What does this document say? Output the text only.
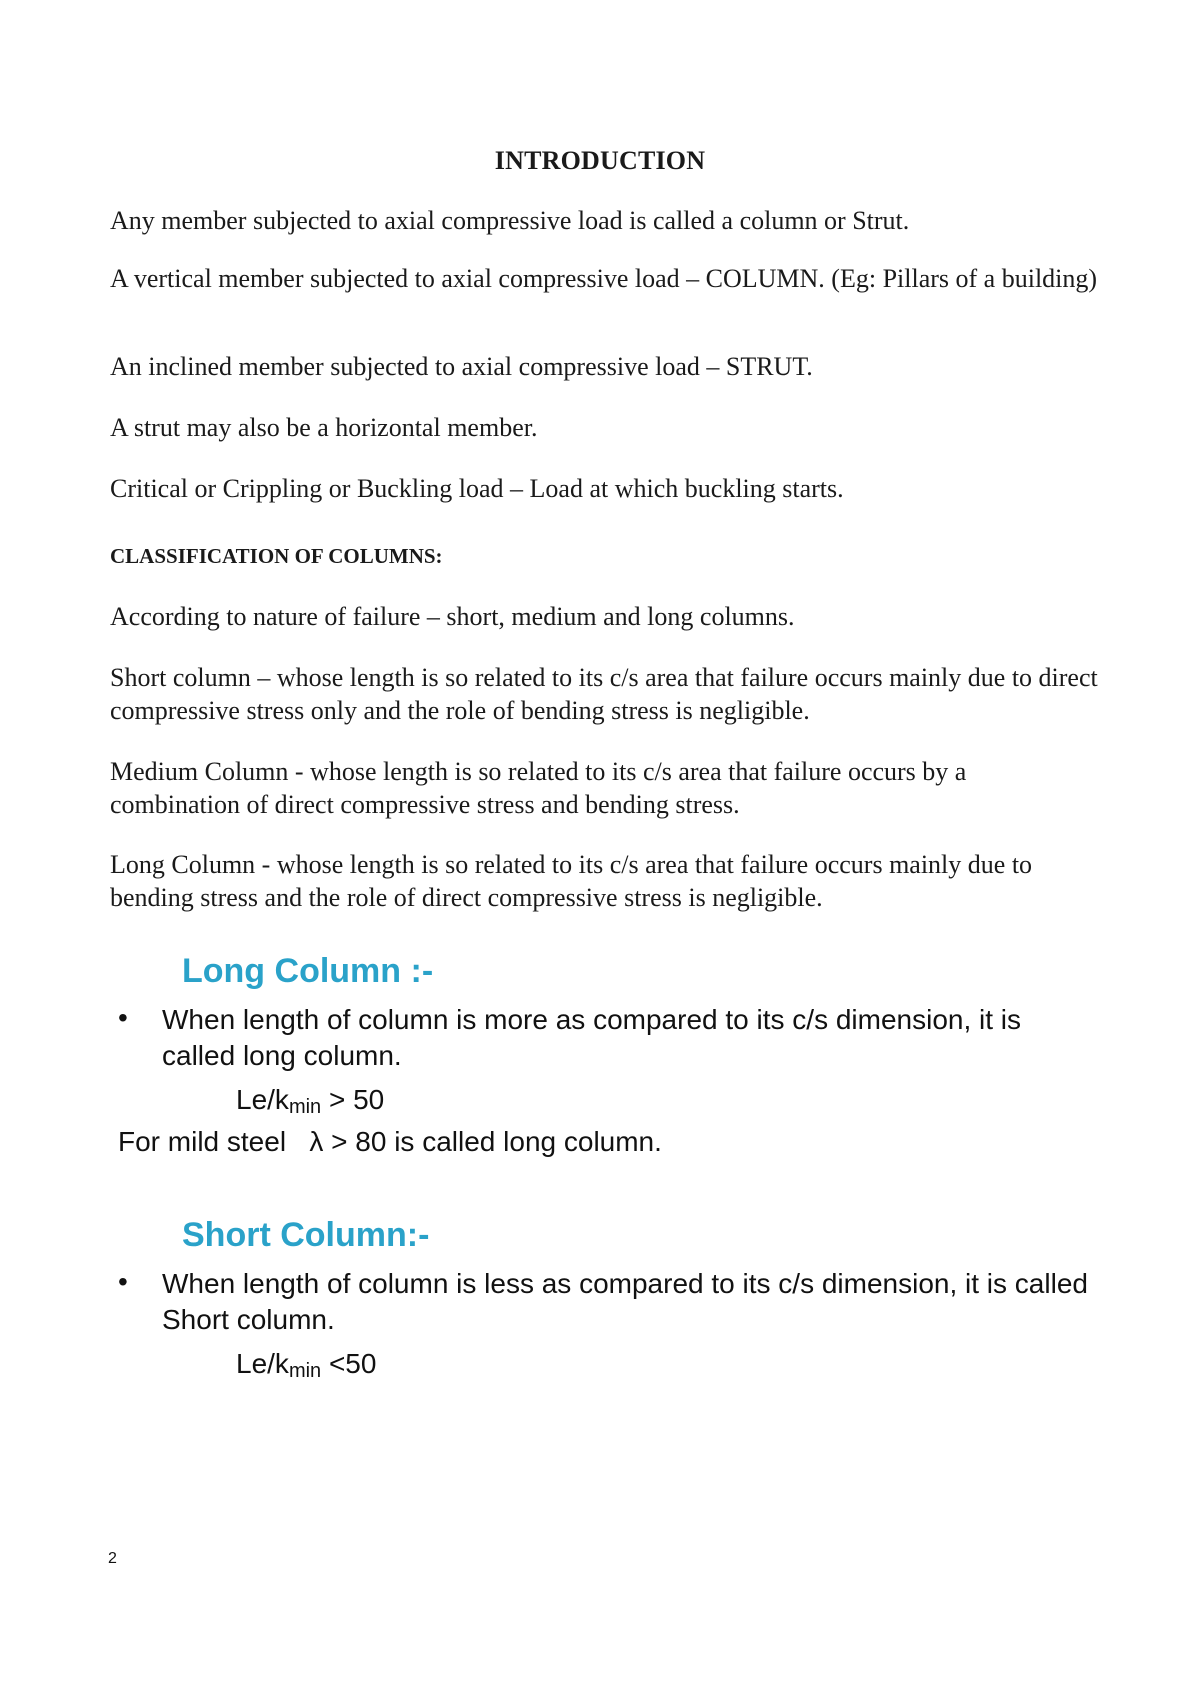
INTRODUCTION

Any member subjected to axial compressive load is called a column or Strut.

A vertical member subjected to axial compressive load – COLUMN. (Eg: Pillars of a building)

An inclined member subjected to axial compressive load – STRUT.

A strut may also be a horizontal member.

Critical or Crippling or Buckling load – Load at which buckling starts.

CLASSIFICATION OF COLUMNS:

According to nature of failure – short, medium and long columns.

Short column – whose length is so related to its c/s area that failure occurs mainly due to direct compressive stress only and the role of bending stress is negligible.

Medium Column - whose length is so related to its c/s area that failure occurs by a combination of direct compressive stress and bending stress.

Long Column - whose length is so related to its c/s area that failure occurs mainly due to bending stress and the role of direct compressive stress is negligible.

Long Column :-
• When length of column is more as compared to its c/s dimension, it is called long column.

$Le/k_{min} > 50$
For mild steel   λ > 80 is called long column.
Short Column:-
• When length of column is less as compared to its c/s dimension, it is called Short column.

$Le/k_{min} <50$
2
